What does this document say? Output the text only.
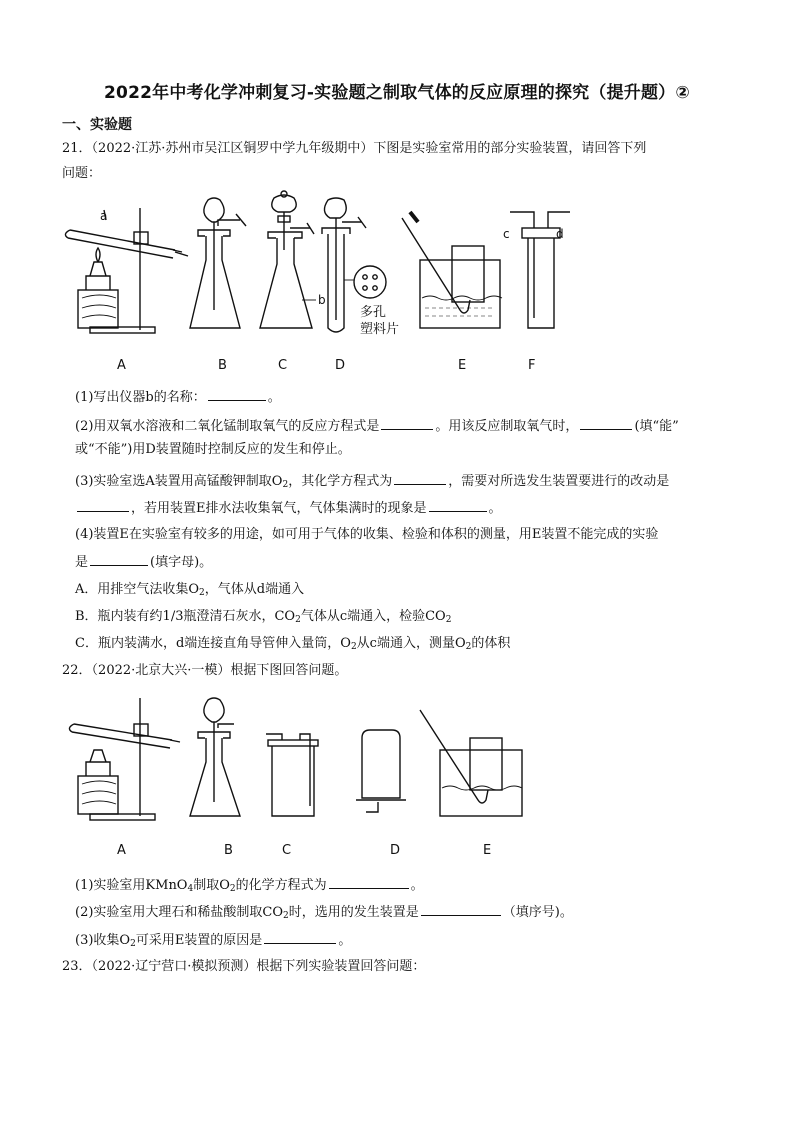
2022年中考化学冲刺复习-实验题之制取气体的反应原理的探究（提升题）②
一、实验题
21．（2022·江苏·苏州市吴江区铜罗中学九年级期中）下图是实验室常用的部分实验装置，请回答下列
问题：
a
b
c	d
多孔
塑料片
A	B	C	D	E	F
(1)写出仪器b的名称：	。
(2)用双氧水溶液和二氧化锰制取氧气的反应方程式是	。用该反应制取氧气时，	(填“能”
或“不能”)用D装置随时控制反应的发生和停止。
(3)实验室选A装置用高锰酸钾制取$O_2$，其化学方程式为	，需要对所选发生装置要进行的改动是
，若用装置E排水法收集氧气，气体集满时的现象是	。
(4)装置E在实验室有较多的用途，如可用于气体的收集、检验和体积的测量，用E装置不能完成的实验
是	(填字母)。
A．用排空气法收集$O_2$，气体从d端通入
B．瓶内装有约1/3瓶澄清石灰水，$CO_2$气体从c端通入，检验$CO_2$
C．瓶内装满水，d端连接直角导管伸入量筒，$O_2$从c端通入，测量$O_2$的体积
22．（2022·北京大兴·一模）根据下图回答问题。
A	B	C	D	E
(1)实验室用KMnO$_4$制取$O_2$的化学方程式为	。
(2)实验室用大理石和稀盐酸制取$CO_2$时，选用的发生装置是	（填序号)。
(3)收集$O_2$可采用E装置的原因是	。
23．（2022·辽宁营口·模拟预测）根据下列实验装置回答问题：
